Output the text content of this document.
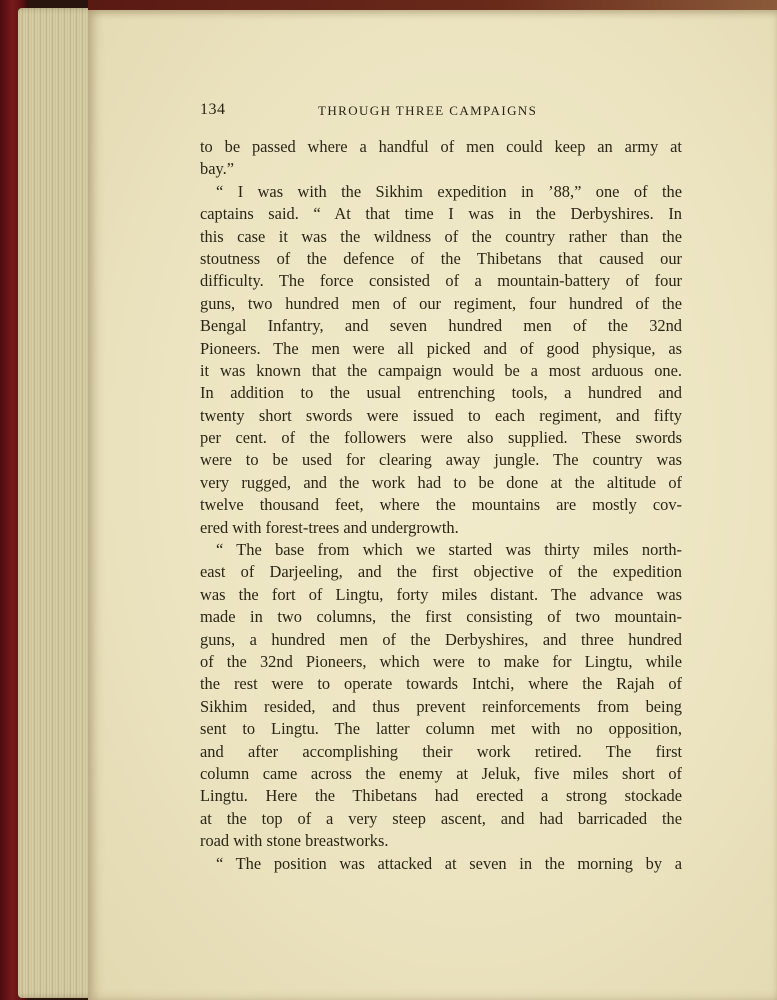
134	THROUGH THREE CAMPAIGNS
to be passed where a handful of men could keep an army at
bay.”
“ I was with the Sikhim expedition in ’88,” one of the
captains said. “ At that time I was in the Derbyshires. In
this case it was the wildness of the country rather than the
stoutness of the defence of the Thibetans that caused our
difficulty. The force consisted of a mountain-battery of four
guns, two hundred men of our regiment, four hundred of the
Bengal Infantry, and seven hundred men of the 32nd
Pioneers. The men were all picked and of good physique, as
it was known that the campaign would be a most arduous one.
In addition to the usual entrenching tools, a hundred and
twenty short swords were issued to each regiment, and fifty
per cent. of the followers were also supplied. These swords
were to be used for clearing away jungle. The country was
very rugged, and the work had to be done at the altitude of
twelve thousand feet, where the mountains are mostly cov-
ered with forest-trees and undergrowth.
“ The base from which we started was thirty miles north-
east of Darjeeling, and the first objective of the expedition
was the fort of Lingtu, forty miles distant. The advance was
made in two columns, the first consisting of two mountain-
guns, a hundred men of the Derbyshires, and three hundred
of the 32nd Pioneers, which were to make for Lingtu, while
the rest were to operate towards Intchi, where the Rajah of
Sikhim resided, and thus prevent reinforcements from being
sent to Lingtu. The latter column met with no opposition,
and after accomplishing their work retired. The first
column came across the enemy at Jeluk, five miles short of
Lingtu. Here the Thibetans had erected a strong stockade
at the top of a very steep ascent, and had barricaded the
road with stone breastworks.
“ The position was attacked at seven in the morning by a
